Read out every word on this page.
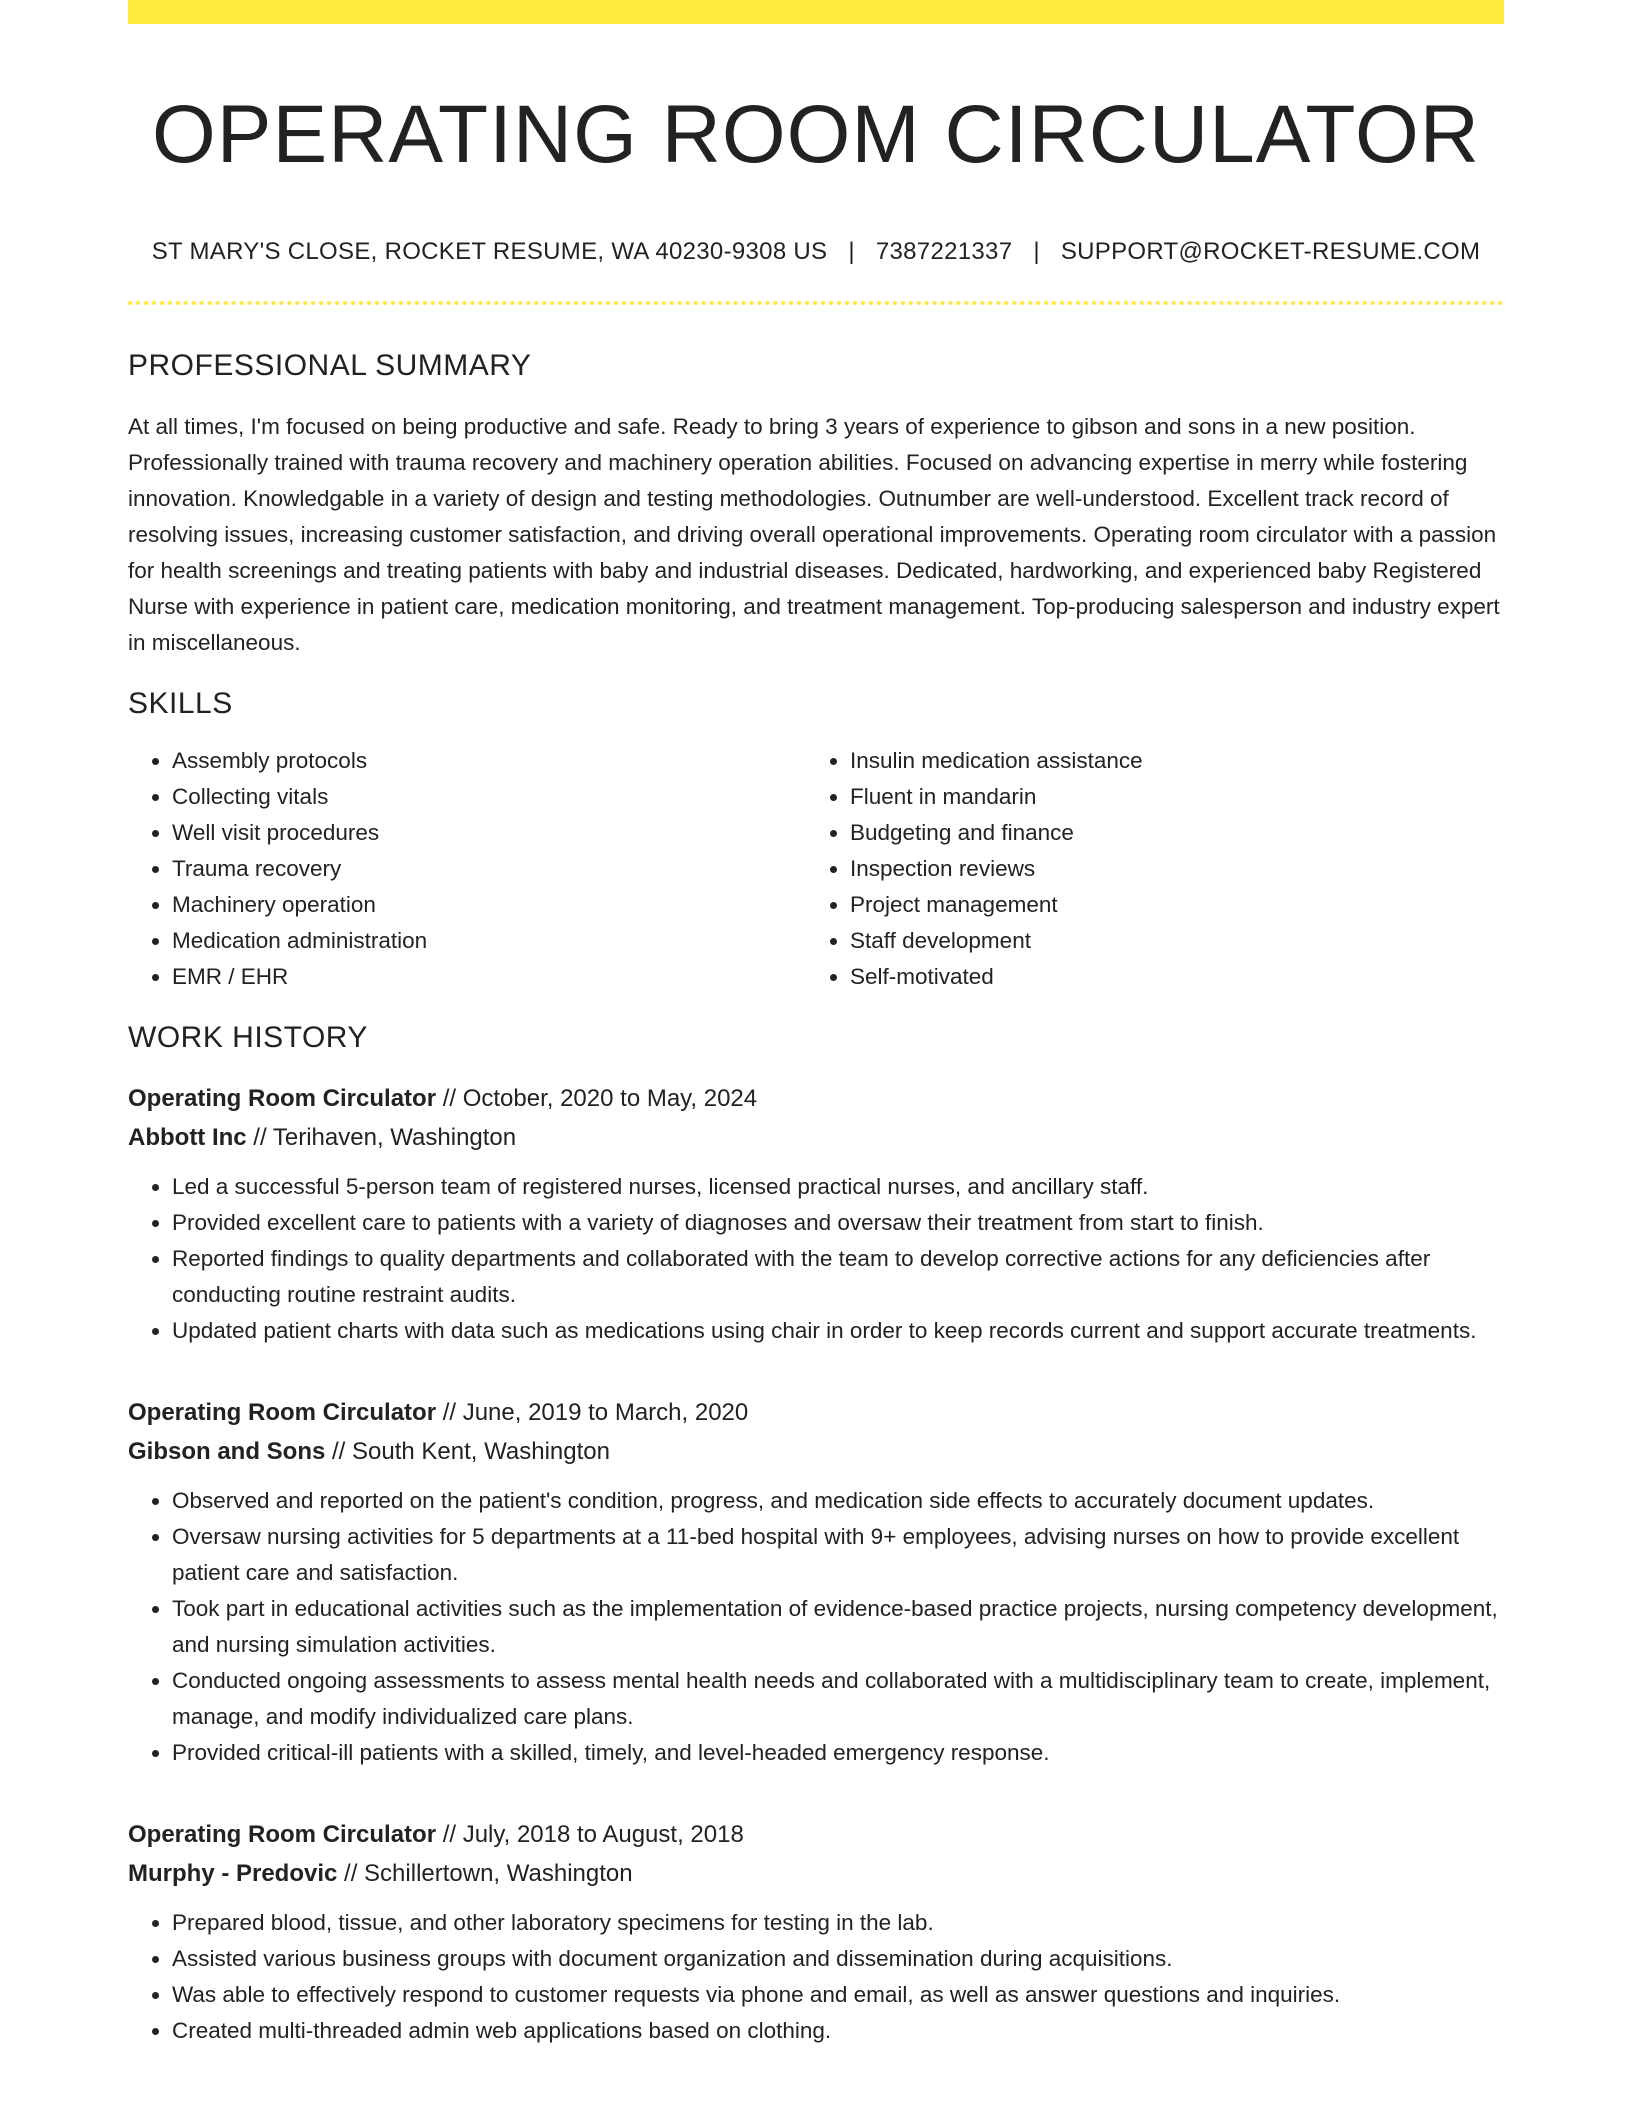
OPERATING ROOM CIRCULATOR
ST MARY'S CLOSE, ROCKET RESUME, WA 40230-9308 US | 7387221337 | SUPPORT@ROCKET-RESUME.COM
PROFESSIONAL SUMMARY

At all times, I'm focused on being productive and safe. Ready to bring 3 years of experience to gibson and sons in a new position. Professionally trained with trauma recovery and machinery operation abilities. Focused on advancing expertise in merry while fostering innovation. Knowledgable in a variety of design and testing methodologies. Outnumber are well-understood. Excellent track record of resolving issues, increasing customer satisfaction, and driving overall operational improvements. Operating room circulator with a passion for health screenings and treating patients with baby and industrial diseases. Dedicated, hardworking, and experienced baby Registered Nurse with experience in patient care, medication monitoring, and treatment management. Top-producing salesperson and industry expert in miscellaneous.

SKILLS
• Assembly protocols
• Collecting vitals
• Well visit procedures
• Trauma recovery
• Machinery operation
• Medication administration
• EMR / EHR
• Insulin medication assistance
• Fluent in mandarin
• Budgeting and finance
• Inspection reviews
• Project management
• Staff development
• Self-motivated
WORK HISTORY
Operating Room Circulator // October, 2020 to May, 2024
Abbott Inc // Terihaven, Washington
• Led a successful 5-person team of registered nurses, licensed practical nurses, and ancillary staff.
• Provided excellent care to patients with a variety of diagnoses and oversaw their treatment from start to finish.
• Reported findings to quality departments and collaborated with the team to develop corrective actions for any deficiencies after conducting routine restraint audits.
• Updated patient charts with data such as medications using chair in order to keep records current and support accurate treatments.
Operating Room Circulator // June, 2019 to March, 2020
Gibson and Sons // South Kent, Washington
• Observed and reported on the patient's condition, progress, and medication side effects to accurately document updates.
• Oversaw nursing activities for 5 departments at a 11-bed hospital with 9+ employees, advising nurses on how to provide excellent patient care and satisfaction.
• Took part in educational activities such as the implementation of evidence-based practice projects, nursing competency development, and nursing simulation activities.
• Conducted ongoing assessments to assess mental health needs and collaborated with a multidisciplinary team to create, implement, manage, and modify individualized care plans.
• Provided critical-ill patients with a skilled, timely, and level-headed emergency response.
Operating Room Circulator // July, 2018 to August, 2018
Murphy - Predovic // Schillertown, Washington
• Prepared blood, tissue, and other laboratory specimens for testing in the lab.
• Assisted various business groups with document organization and dissemination during acquisitions.
• Was able to effectively respond to customer requests via phone and email, as well as answer questions and inquiries.
• Created multi-threaded admin web applications based on clothing.
